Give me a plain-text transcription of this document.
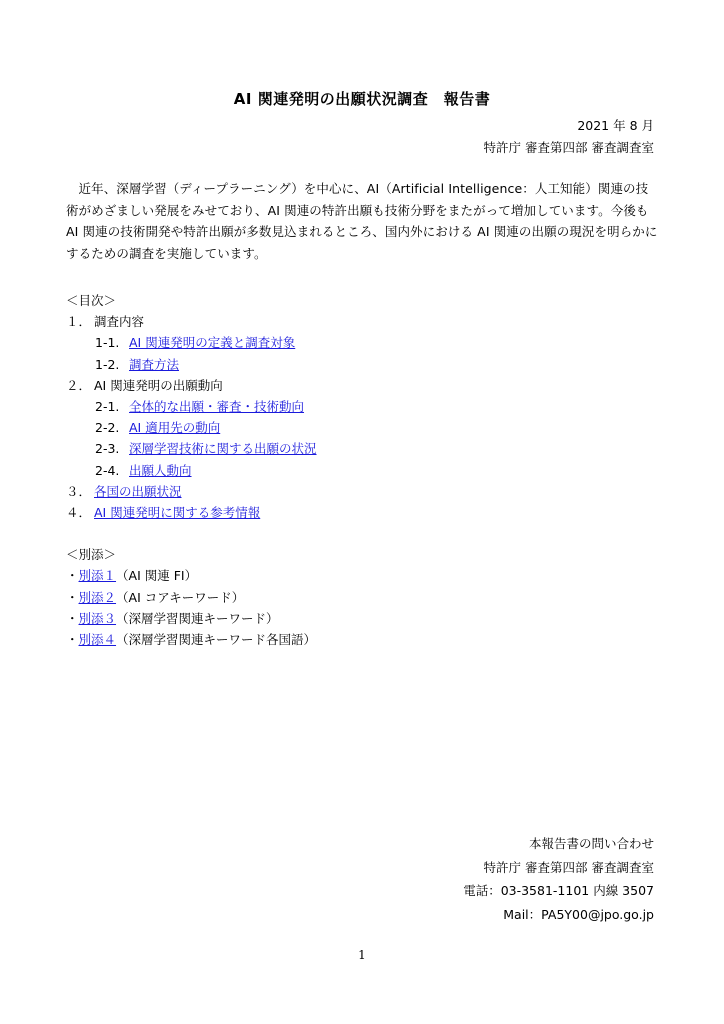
AI 関連発明の出願状況調査　報告書
2021 年 8 月
特許庁 審査第四部 審査調査室
近年、深層学習（ディープラーニング）を中心に、AI（Artificial Intelligence：人工知能）関連の技術がめざましい発展をみせており、AI 関連の特許出願も技術分野をまたがって増加しています。今後も AI 関連の技術開発や特許出願が多数見込まれるところ、国内外における AI 関連の出願の現況を明らかにするための調査を実施しています。
＜目次＞
１． 調査内容
1-1. AI 関連発明の定義と調査対象
1-2. 調査方法
２． AI 関連発明の出願動向
2-1. 全体的な出願・審査・技術動向
2-2. AI 適用先の動向
2-3. 深層学習技術に関する出願の状況
2-4. 出願人動向
３． 各国の出願状況
４． AI 関連発明に関する参考情報
＜別添＞
・別添１（AI 関連 FI）
・別添２（AI コアキーワード）
・別添３（深層学習関連キーワード）
・別添４（深層学習関連キーワード各国語）
本報告書の問い合わせ
特許庁 審査第四部 審査調査室
電話：03-3581-1101 内線 3507
Mail：PA5Y00@jpo.go.jp
1
